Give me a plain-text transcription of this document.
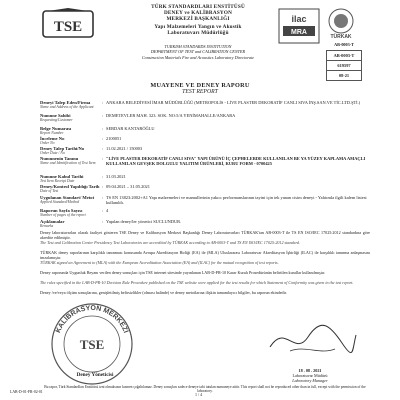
TSE
TÜRK STANDARDLARI ENSTİTÜSÜ
DENEY ve KALİBRASYON
MERKEZİ BAŞKANLIĞI
Yapı Malzemeleri Yangın ve Akustik
Laboratuvarı Müdürlüğü
ilac
MRA
TÜRKAK
AB-0003-T
AB-0003-T
619597
08-21
TURKISH STANDARDS INSTITUTION
DEPARTMENT OF TEST and CALIBRATION CENTER
Construction Materials Fire and Acoustics Laboratory Directorate
MUAYENE VE DENEY RAPORU
TEST REPORT
Deneyi Talep Eden/Firma
Name and Address of the Applicant
: ANKARA BELEDİYESİ İMAR MÜDÜRLÜĞÜ (METROPOLİS - LİVE PLASTER DEKORATİF CANLI SIVA İNŞ.SAN.VE TİC.LTD.ŞTİ.)
Numune Sahibi
Requesting/Customer
: DEMETEVLER MAH. 323. SOK. NO:5/A YENİMAHALLE/ANKARA
Belge Numarası
Report Number
: SERDAR KANTARÖĞLU
İnceleme No
Order No
: 2100051
Deney Talep Tarihi/No
Order Date / No
: 11.02.2021 / 150003
Numunenin Tanımı
Name and Identification of Test Item
: "LİVE PLASTER DEKORATİF CANLI SIVA" YAPI ÜRÜNÜ İÇ ÇEPHELERDE KULLANILAN BE YA YÜZEY KAPLAMA AMAÇLI KULLANILAN GEVŞEK DOLGULU YALITIM ÜRÜNLERİ, KURU FORM - 0700425
Numune Kabul Tarihi
Test Item Receipt Date
: 31.03.2021
Deney/Kontrol Yapıldığı Tarih
Date of Test
: 09.04.2021 – 31.05.2021
Uygulanan Standart/ Metot
Applied Standard/Method
: TS EN 13823:2002+A1 Yapı malzemeleri ve mamullerinin yakıcı performanslarının tayini için tek yanan cisim deneyi - Yalıtımla ilgili kalem listesi kullanıldı.
Raporun Sayfa Sayısı
Number of pages of the report
: 4
Açıklamalar
Remarks
: Yapılan deney/ler yönetici SUCLUNDUR.
Deney laboratuvarları olarak faaliyet gösteren TSE Deney ve Kalibrasyon Merkezi Başkanlığı Deney Laboratuvarları TÜRKAK'tan AB-0003-T ile TS EN ISO/IEC 17025:2012 standardına göre akredite edilmiştir.
The Test and Calibration Center Presidency Test Laboratories are accredited by TÜRKAK according to AB-0003-T and TS EN ISO/IEC 17025:2012 standard.
TÜRKAK deney raporlarının karşılıklı tanınması konusunda Avrupa Akreditasyon Birliği (EA) ile (MLA) Uluslararası Laboratuvar Akreditasyon İşbirliği (ILAC) ile karşılıklı tanınma anlaşmasını imzalamıştır.
TÜRKAK signed an Agreement to (MLA) with the European Accreditation Association (EA) and (ILAC) for the mutual recognition of test reports.
Deney raporunda Uygunluk Beyanı verilen deney sonuçları için TSE internet sitesinde yayınlanan LAB-D-PR-10 Karar Kuralı Prosedürünün belirtilen kurallar kullanılmıştır.
The rules specified in the LAB-D-PR-10 Decision Rule Procedure published on the TSE website were applied for the test results for which Statement of Conformity was given in the test report.
Deney /ve/veya ölçüm sonuçlarına, genişletilmiş belirsizlikler (olması halinde) ve deney metotlarına ilişkin tamamlayıcı bilgiler, bu raporun ekindedir.
KALİBRASYON MERKEZİ
TSE
Deney Yöneticisi
18 . 08 . 2021
Laboratuvar Müdürü
Laboratory Manager
Bu rapor, Türk Standardları Enstitüsü izni olmaksızın kısmen çoğaltılamaz. Deney sonuçları sadece deneye tabi tutulan numuneye aittir. This report shall not be reproduced other than in full, except with the permission of the laboratory.
LAB-D-01-FR-02-01	1 / 4
